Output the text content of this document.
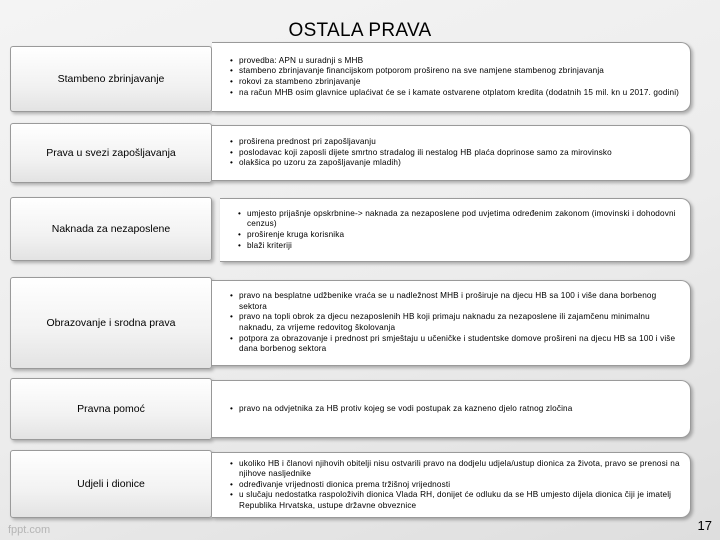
OSTALA PRAVA
Stambeno zbrinjavanje
• provedba: APN u suradnji s MHB
• stambeno zbrinjavanje financijskom potporom prošireno na sve namjene stambenog zbrinjavanja
• rokovi za stambeno zbrinjavanje
• na račun MHB osim glavnice uplaćivat će se i kamate ostvarene otplatom kredita (dodatnih 15 mil. kn u 2017. godini)
Prava u svezi zapošljavanja
• proširena prednost pri zapošljavanju
• poslodavac koji zaposli dijete smrtno stradalog ili nestalog HB plaća doprinose samo za mirovinsko
• olakšica po uzoru za zapošljavanje mladih)
Naknada za nezaposlene
• umjesto prijašnje opskrbnine-> naknada za nezaposlene pod uvjetima određenim zakonom (imovinski i dohodovni cenzus)
• proširenje kruga korisnika
• blaži kriteriji
Obrazovanje i srodna prava
• pravo na besplatne udžbenike vraća se u nadležnost MHB i proširuje na djecu HB sa 100 i više dana borbenog sektora
• pravo na topli obrok za djecu nezaposlenih HB koji primaju naknadu za nezaposlene ili zajamčenu minimalnu naknadu, za vrijeme redovitog školovanja
• potpora za obrazovanje i prednost pri smještaju u učeničke i studentske domove prošireni na djecu HB sa 100 i više dana borbenog sektora
Pravna pomoć	• pravo na odvjetnika za HB protiv kojeg se vodi postupak za kazneno djelo ratnog zločina
Udjeli i dionice
• ukoliko HB i članovi njihovih obitelji nisu ostvarili pravo na dodjelu udjela/ustup dionica za života, pravo se prenosi na njihove nasljednike
• određivanje vrijednosti dionica prema tržišnoj vrijednosti
• u slučaju nedostatka raspoloživih dionica Vlada RH, donijet će odluku da se HB umjesto dijela dionica čiji je imatelj Republika Hrvatska, ustupe državne obveznice
fppt.com	17
